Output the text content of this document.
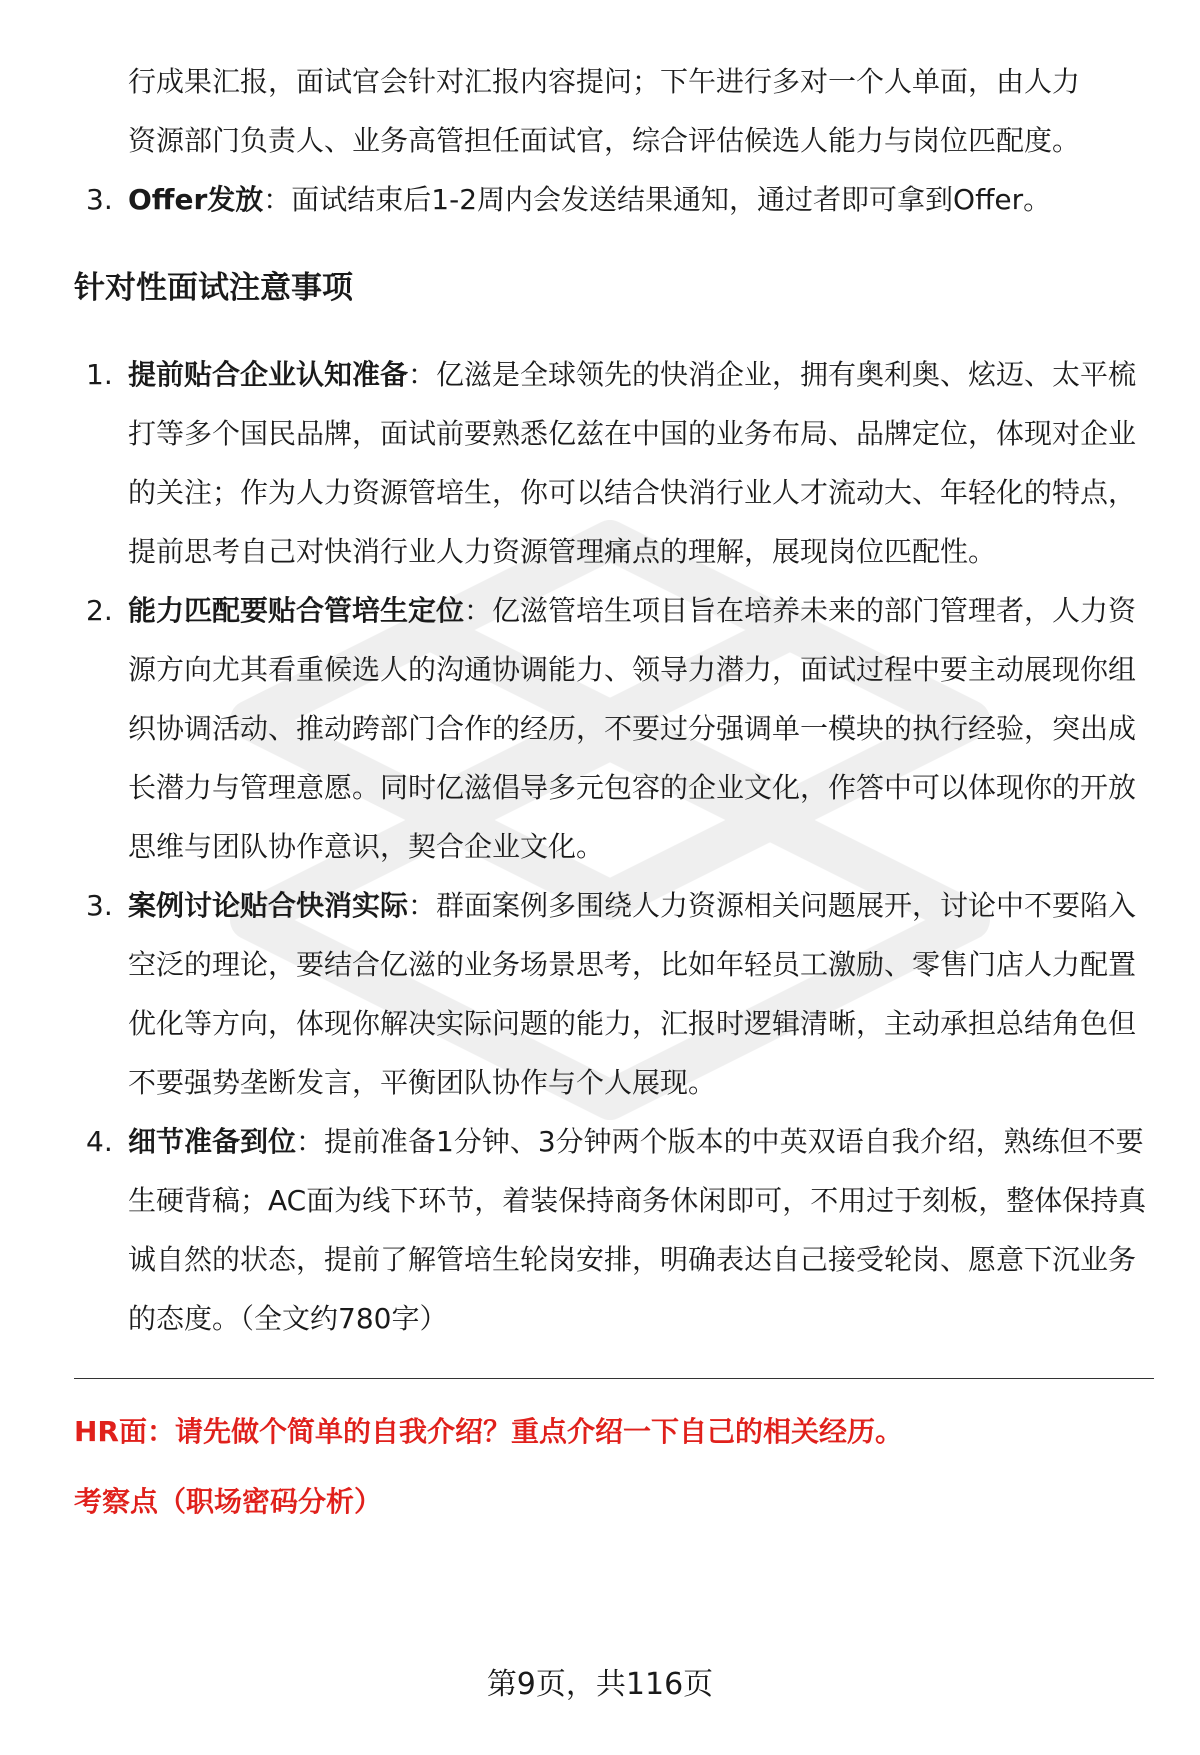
行成果汇报，面试官会针对汇报内容提问；下午进行多对一个人单面，由人力
资源部门负责人、业务高管担任面试官，综合评估候选人能力与岗位匹配度。
3. Offer发放：面试结束后1-2周内会发送结果通知，通过者即可拿到Offer。
针对性面试注意事项
1. 提前贴合企业认知准备：亿滋是全球领先的快消企业，拥有奥利奥、炫迈、太平梳打等多个国民品牌，面试前要熟悉亿兹在中国的业务布局、品牌定位，体现对企业的关注；作为人力资源管培生，你可以结合快消行业人才流动大、年轻化的特点，提前思考自己对快消行业人力资源管理痛点的理解，展现岗位匹配性。
2. 能力匹配要贴合管培生定位：亿滋管培生项目旨在培养未来的部门管理者，人力资源方向尤其看重候选人的沟通协调能力、领导力潜力，面试过程中要主动展现你组织协调活动、推动跨部门合作的经历，不要过分强调单一模块的执行经验，突出成长潜力与管理意愿。同时亿滋倡导多元包容的企业文化，作答中可以体现你的开放思维与团队协作意识，契合企业文化。
3. 案例讨论贴合快消实际：群面案例多围绕人力资源相关问题展开，讨论中不要陷入空泛的理论，要结合亿滋的业务场景思考，比如年轻员工激励、零售门店人力配置优化等方向，体现你解决实际问题的能力，汇报时逻辑清晰，主动承担总结角色但不要强势垄断发言，平衡团队协作与个人展现。
4. 细节准备到位：提前准备1分钟、3分钟两个版本的中英双语自我介绍，熟练但不要生硬背稿；AC面为线下环节，着装保持商务休闲即可，不用过于刻板，整体保持真诚自然的状态，提前了解管培生轮岗安排，明确表达自己接受轮岗、愿意下沉业务的态度。（全文约780字）
HR面：请先做个简单的自我介绍？重点介绍一下自己的相关经历。
考察点（职场密码分析）
第9页，共116页
